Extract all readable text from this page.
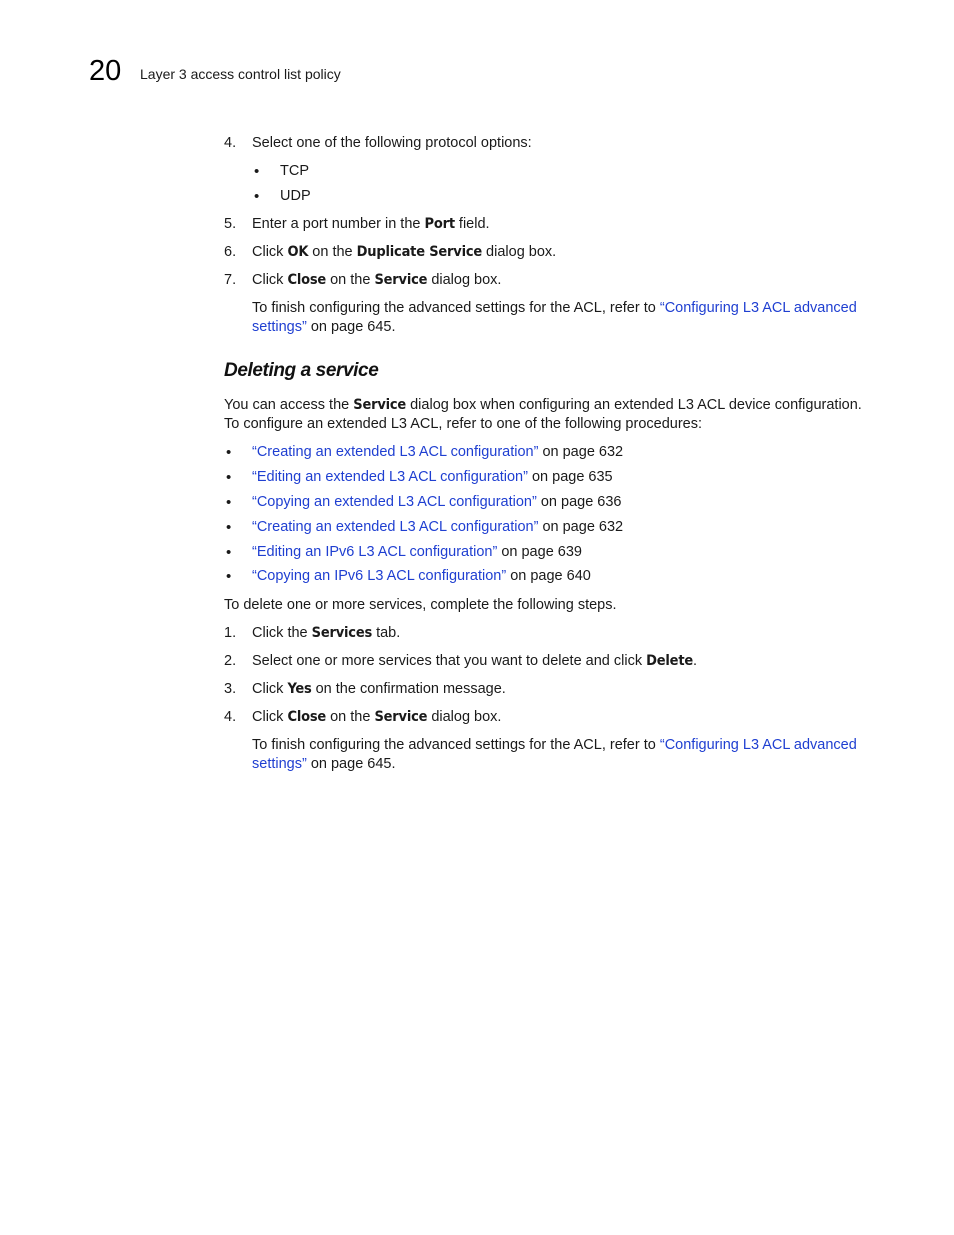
20 Layer 3 access control list policy
4. Select one of the following protocol options:
• TCP
• UDP
5. Enter a port number in the Port field.
6. Click OK on the Duplicate Service dialog box.
7. Click Close on the Service dialog box.
To finish configuring the advanced settings for the ACL, refer to “Configuring L3 ACL advanced
settings” on page 645.
Deleting a service
You can access the Service dialog box when configuring an extended L3 ACL device configuration.
To configure an extended L3 ACL, refer to one of the following procedures:
• “Creating an extended L3 ACL configuration” on page 632
• “Editing an extended L3 ACL configuration” on page 635
• “Copying an extended L3 ACL configuration” on page 636
• “Creating an extended L3 ACL configuration” on page 632
• “Editing an IPv6 L3 ACL configuration” on page 639
• “Copying an IPv6 L3 ACL configuration” on page 640
To delete one or more services, complete the following steps.
1. Click the Services tab.
2. Select one or more services that you want to delete and click Delete.
3. Click Yes on the confirmation message.
4. Click Close on the Service dialog box.
To finish configuring the advanced settings for the ACL, refer to “Configuring L3 ACL advanced
settings” on page 645.
